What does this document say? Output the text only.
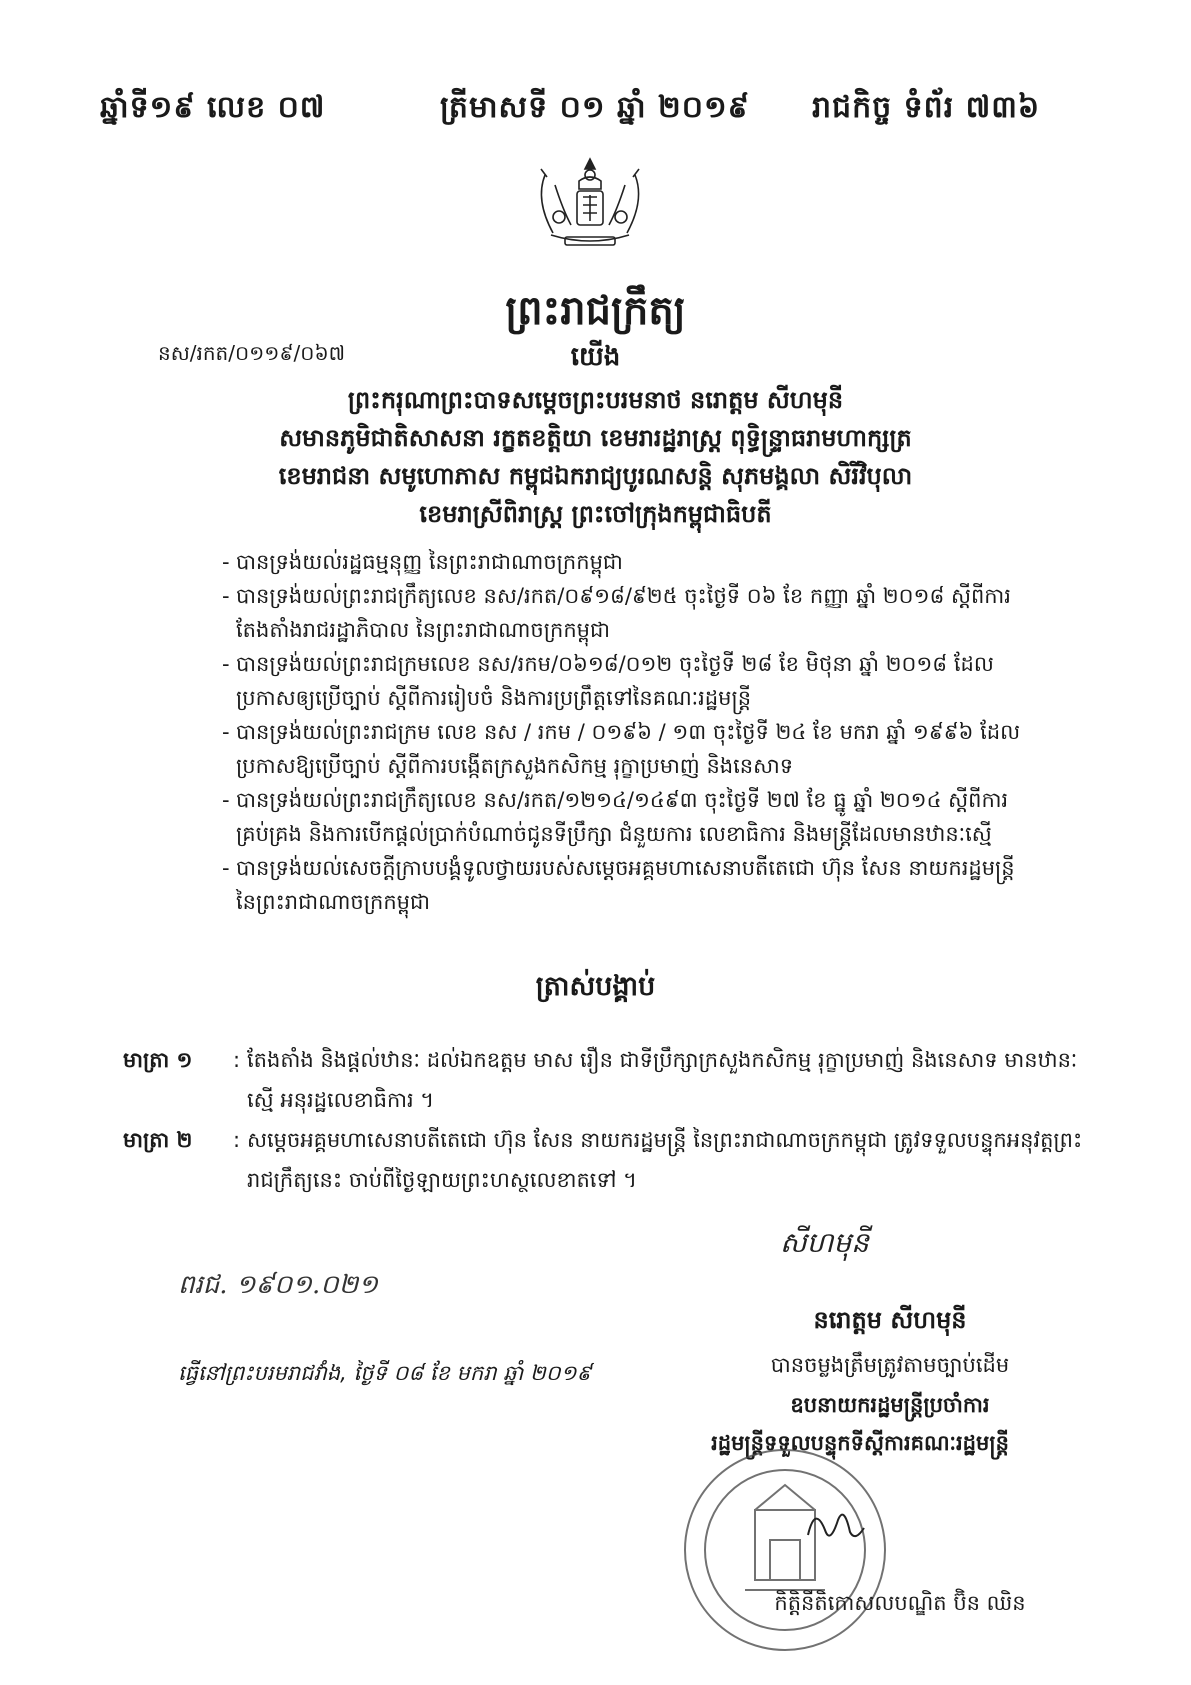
ឆ្នាំទី១៩ លេខ ០៧	ត្រីមាសទី ០១ ឆ្នាំ ២០១៩ រាជកិច្ច ទំព័រ ៧៣៦
ព្រះរាជក្រឹត្យ
នស/រកត/០១១៩/០៦៧	យើង
ព្រះករុណាព្រះបាទសម្តេចព្រះបរមនាថ នរោត្តម សីហមុនី
សមានភូមិជាតិសាសនា រក្ខតខត្តិយា ខេមរារដ្ឋរាស្ត្រ ពុទ្ធិន្ទ្រាធរាមហាក្សត្រ
ខេមរាជនា សមូហោភាស កម្ពុជឯករាជ្យបូរណសន្តិ សុភមង្គលា សិរីវិបុលា
ខេមរាស្រីពិរាស្ត្រ ព្រះចៅក្រុងកម្ពុជាធិបតី
- បានទ្រង់យល់រដ្ឋធម្មនុញ្ញ នៃព្រះរាជាណាចក្រកម្ពុជា
- បានទ្រង់យល់ព្រះរាជក្រឹត្យលេខ នស/រកត/០៩១៨/៩២៥ ចុះថ្ងៃទី ០៦ ខែ កញ្ញា ឆ្នាំ ២០១៨ ស្តីពីការតែងតាំងរាជរដ្ឋាភិបាល នៃព្រះរាជាណាចក្រកម្ពុជា
- បានទ្រង់យល់ព្រះរាជក្រមលេខ នស/រកម/០៦១៨/០១២ ចុះថ្ងៃទី ២៨ ខែ មិថុនា ឆ្នាំ ២០១៨ ដែលប្រកាសឲ្យប្រើច្បាប់ ស្តីពីការរៀបចំ និងការប្រព្រឹត្តទៅនៃគណៈរដ្ឋមន្ត្រី
- បានទ្រង់យល់ព្រះរាជក្រម លេខ នស / រកម / ០១៩៦ / ១៣ ចុះថ្ងៃទី ២៤ ខែ មករា ឆ្នាំ ១៩៩៦ ដែលប្រកាសឱ្យប្រើច្បាប់ ស្តីពីការបង្កើតក្រសួងកសិកម្ម រុក្ខាប្រមាញ់ និងនេសាទ
- បានទ្រង់យល់ព្រះរាជក្រឹត្យលេខ នស/រកត/១២១៤/១៤៩៣ ចុះថ្ងៃទី ២៧ ខែ ធ្នូ ឆ្នាំ ២០១៤ ស្តីពីការគ្រប់គ្រង និងការបើកផ្តល់ប្រាក់បំណាច់ជូនទីប្រឹក្សា ជំនួយការ លេខាធិការ និងមន្ត្រីដែលមានឋានៈស្មើ
- បានទ្រង់យល់សេចក្តីក្រាបបង្គំទូលថ្វាយរបស់សម្តេចអគ្គមហាសេនាបតីតេជោ ហ៊ុន សែន នាយករដ្ឋមន្ត្រី នៃព្រះរាជាណាចក្រកម្ពុជា
ត្រាស់បង្គាប់
មាត្រា ១	: តែងតាំង និងផ្តល់ឋានៈ ដល់ឯកឧត្តម មាស រឿន ជាទីប្រឹក្សាក្រសួងកសិកម្ម រុក្ខាប្រមាញ់ និងនេសាទ មានឋានៈស្មើ អនុរដ្ឋលេខាធិការ ។
មាត្រា ២	: សម្តេចអគ្គមហាសេនាបតីតេជោ ហ៊ុន សែន នាយករដ្ឋមន្ត្រី នៃព្រះរាជាណាចក្រកម្ពុជា ត្រូវទទួលបន្ទុកអនុវត្តព្រះរាជក្រឹត្យនេះ ចាប់ពីថ្ងៃឡាយព្រះហស្ថលេខាតទៅ ។
ពរជ. ១៩០១.០២១
ធ្វើនៅព្រះបរមរាជវាំង, ថ្ងៃទី ០៨ ខែ មករា ឆ្នាំ ២០១៩
សីហមុនី
នរោត្តម សីហមុនី
បានចម្លងត្រឹមត្រូវតាមច្បាប់ដើម
ឧបនាយករដ្ឋមន្ត្រីប្រចាំការ
រដ្ឋមន្ត្រីទទួលបន្ទុកទីស្តីការគណៈរដ្ឋមន្ត្រី
កិត្តិនីតិកោសលបណ្ឌិត ប៊ិន ឈិន
